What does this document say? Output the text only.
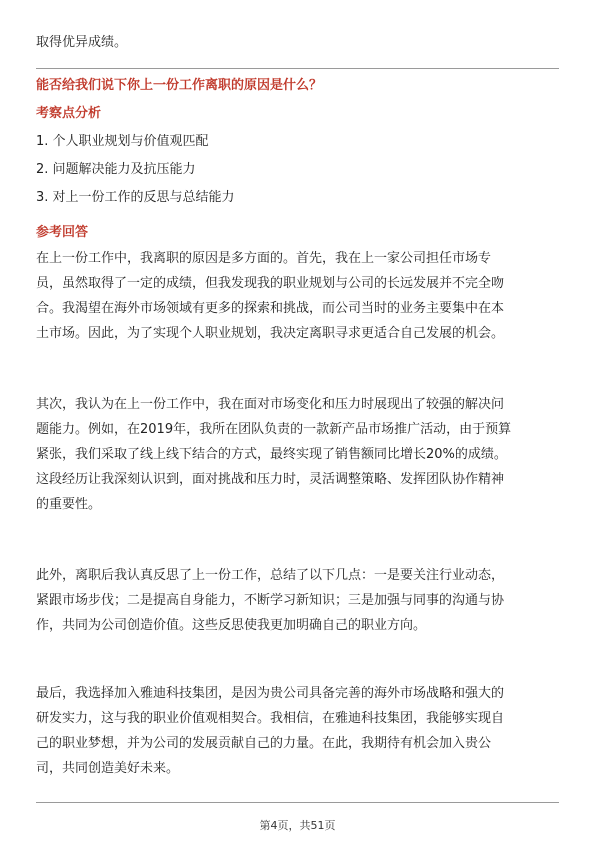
取得优异成绩。
能否给我们说下你上一份工作离职的原因是什么？
考察点分析
1. 个人职业规划与价值观匹配
2. 问题解决能力及抗压能力
3. 对上一份工作的反思与总结能力
参考回答
在上一份工作中，我离职的原因是多方面的。首先，我在上一家公司担任市场专
员，虽然取得了一定的成绩，但我发现我的职业规划与公司的长远发展并不完全吻
合。我渴望在海外市场领域有更多的探索和挑战，而公司当时的业务主要集中在本
土市场。因此，为了实现个人职业规划，我决定离职寻求更适合自己发展的机会。
其次，我认为在上一份工作中，我在面对市场变化和压力时展现出了较强的解决问
题能力。例如，在2019年，我所在团队负责的一款新产品市场推广活动，由于预算
紧张，我们采取了线上线下结合的方式，最终实现了销售额同比增长20%的成绩。
这段经历让我深刻认识到，面对挑战和压力时，灵活调整策略、发挥团队协作精神
的重要性。
此外，离职后我认真反思了上一份工作，总结了以下几点：一是要关注行业动态，
紧跟市场步伐；二是提高自身能力，不断学习新知识；三是加强与同事的沟通与协
作，共同为公司创造价值。这些反思使我更加明确自己的职业方向。
最后，我选择加入雅迪科技集团，是因为贵公司具备完善的海外市场战略和强大的
研发实力，这与我的职业价值观相契合。我相信，在雅迪科技集团，我能够实现自
己的职业梦想，并为公司的发展贡献自己的力量。在此，我期待有机会加入贵公
司，共同创造美好未来。
第4页，共51页
